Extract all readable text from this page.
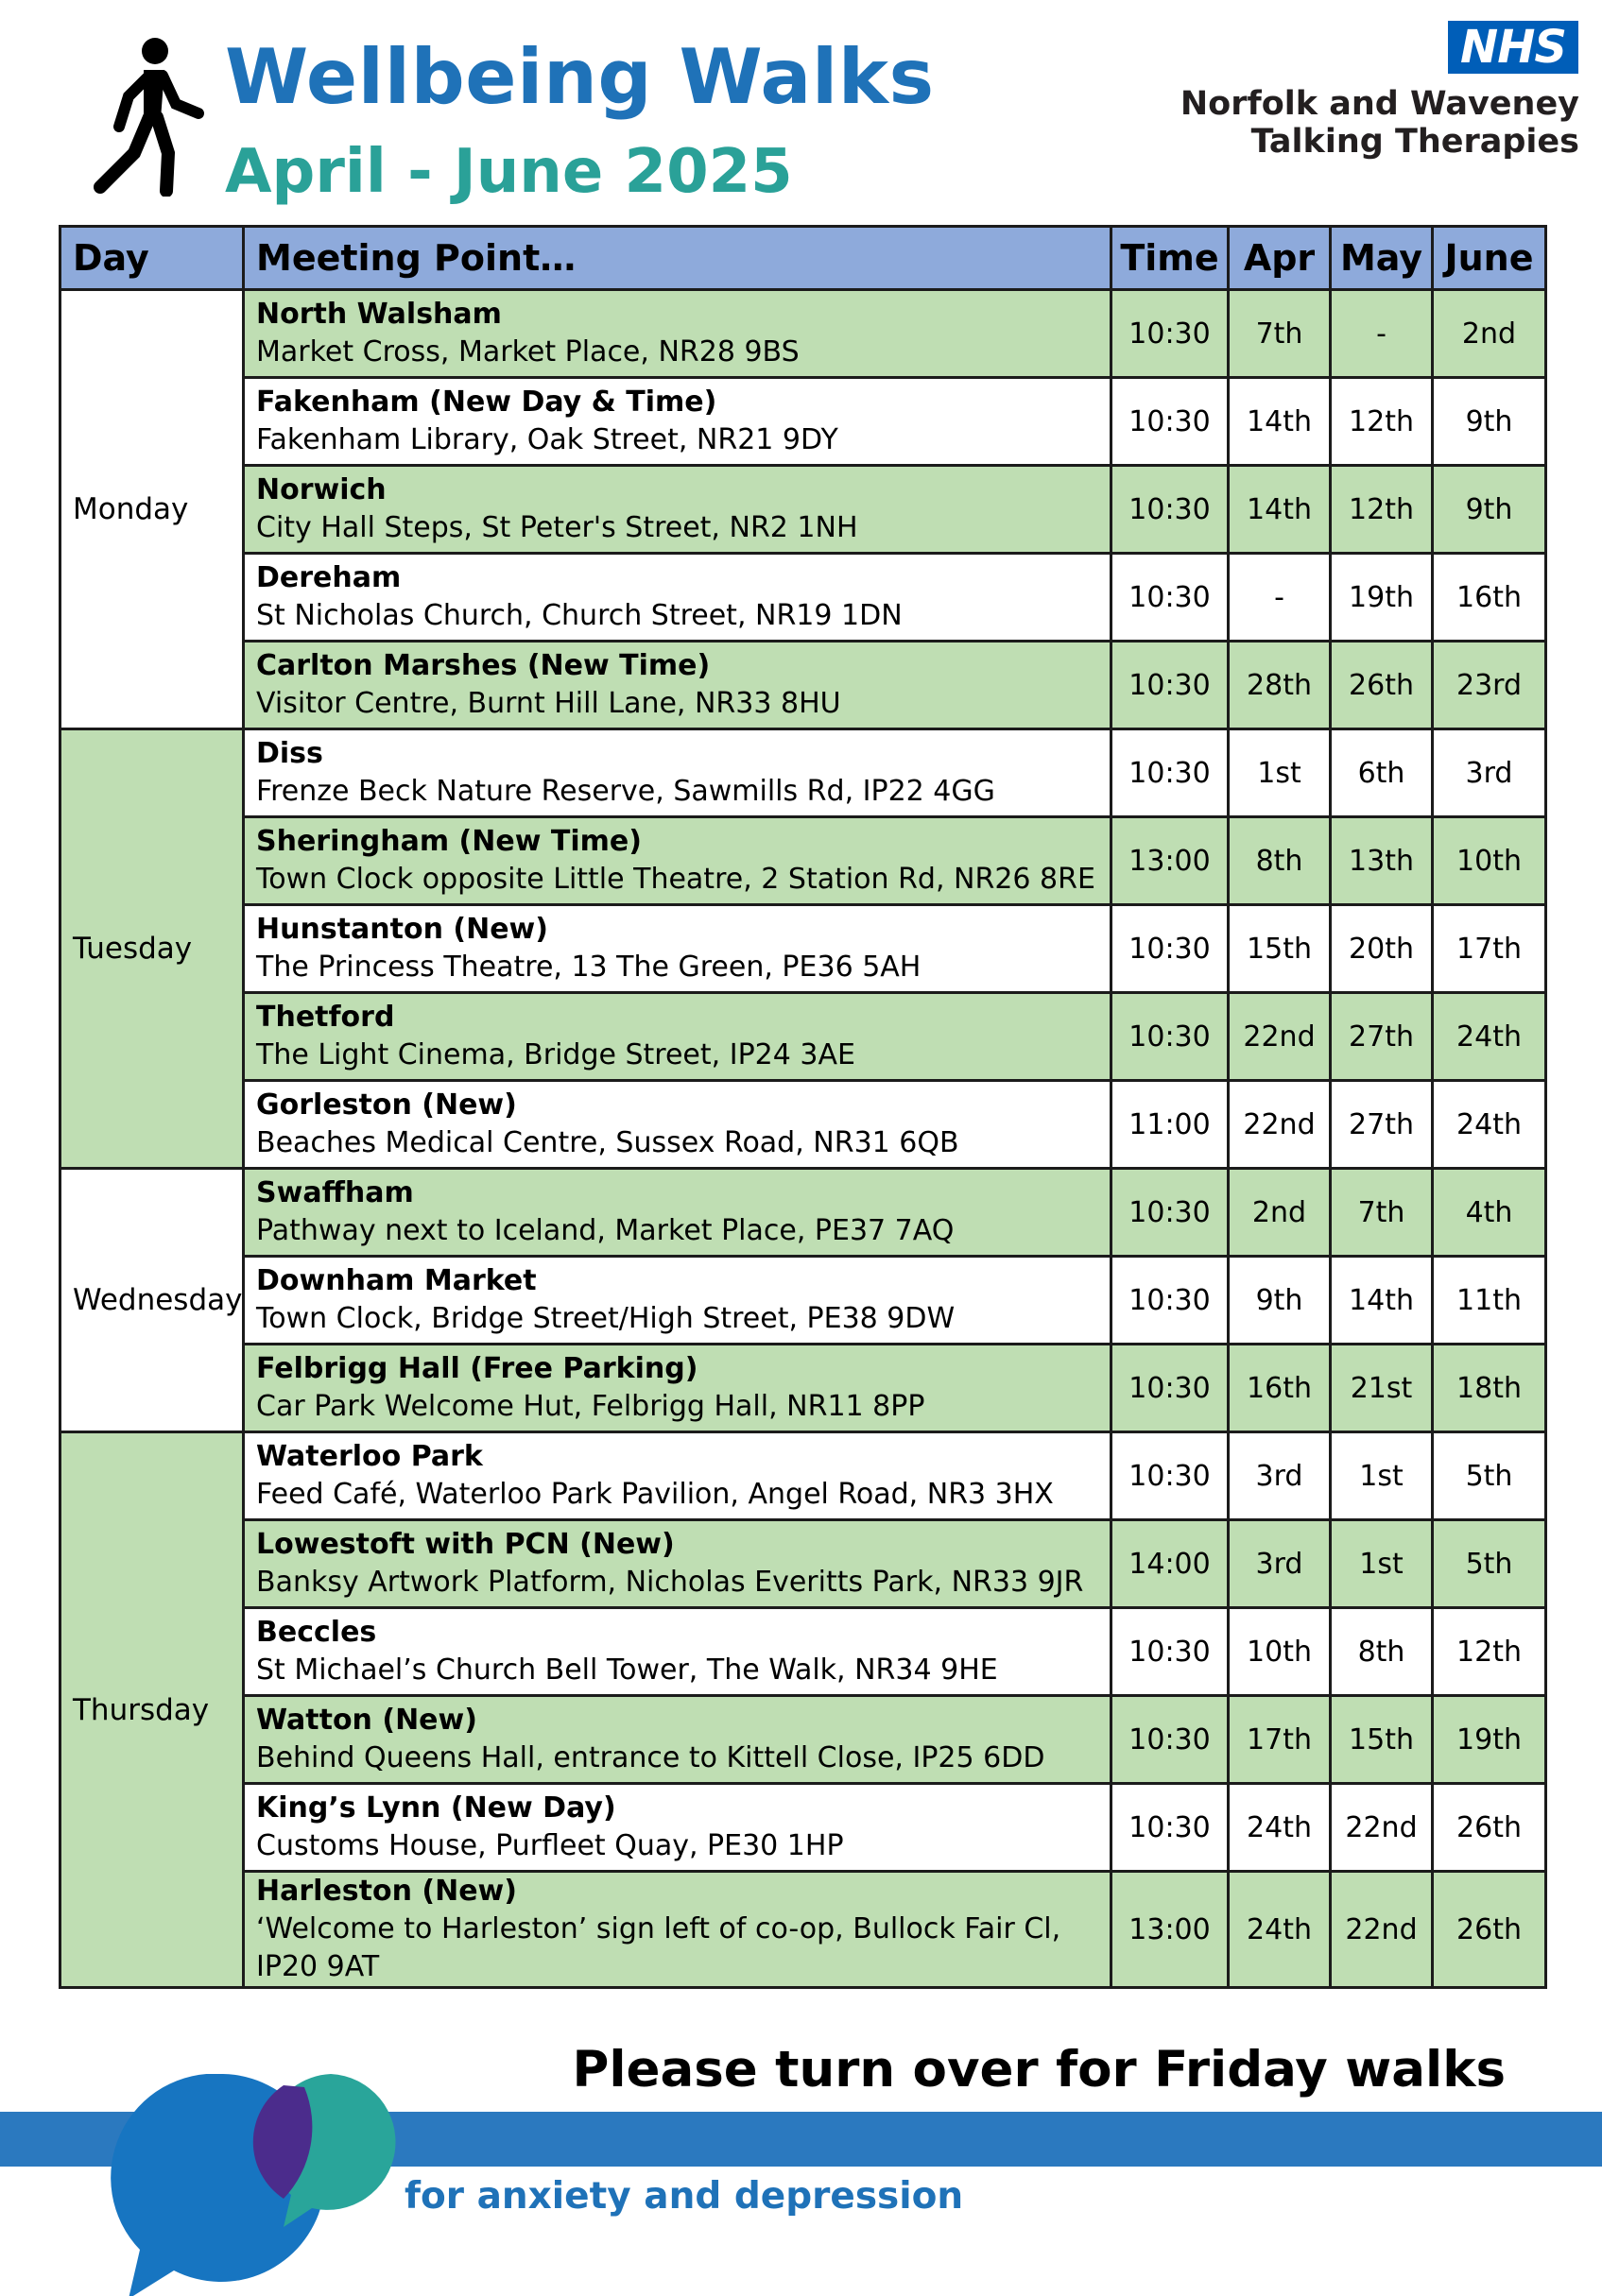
Wellbeing Walks
April - June 2025
NHS
Norfolk and Waveney
Talking Therapies
Day	Meeting Point…	Time	Apr	May	June
Monday	North Walsham
Market Cross, Market Place, NR28 9BS	10:30	7th	-	2nd

	Fakenham (New Day & Time)
Fakenham Library, Oak Street, NR21 9DY	10:30	14th	12th	9th

	Norwich
City Hall Steps, St Peter's Street, NR2 1NH	10:30	14th	12th	9th

	Dereham
St Nicholas Church, Church Street, NR19 1DN	10:30	-	19th	16th

	Carlton Marshes (New Time)
Visitor Centre, Burnt Hill Lane, NR33 8HU	10:30	28th	26th	23rd
Tuesday	Diss
Frenze Beck Nature Reserve, Sawmills Rd, IP22 4GG	10:30	1st	6th	3rd

	Sheringham (New Time)
Town Clock opposite Little Theatre, 2 Station Rd, NR26 8RE	13:00	8th	13th	10th

	Hunstanton (New)
The Princess Theatre, 13 The Green, PE36 5AH	10:30	15th	20th	17th

	Thetford
The Light Cinema, Bridge Street, IP24 3AE	10:30	22nd	27th	24th

	Gorleston (New)
Beaches Medical Centre, Sussex Road, NR31 6QB	11:00	22nd	27th	24th
Wednesday	Swaffham
Pathway next to Iceland, Market Place, PE37 7AQ	10:30	2nd	7th	4th

	Downham Market
Town Clock, Bridge Street/High Street, PE38 9DW	10:30	9th	14th	11th

	Felbrigg Hall (Free Parking)
Car Park Welcome Hut, Felbrigg Hall, NR11 8PP	10:30	16th	21st	18th
Thursday	Waterloo Park
Feed Café, Waterloo Park Pavilion, Angel Road, NR3 3HX	10:30	3rd	1st	5th

	Lowestoft with PCN (New)
Banksy Artwork Platform, Nicholas Everitts Park, NR33 9JR	14:00	3rd	1st	5th

	Beccles
St Michael’s Church Bell Tower, The Walk, NR34 9HE	10:30	10th	8th	12th

	Watton (New)
Behind Queens Hall, entrance to Kittell Close, IP25 6DD	10:30	17th	15th	19th

	King’s Lynn (New Day)
Customs House, Purfleet Quay, PE30 1HP	10:30	24th	22nd	26th

	Harleston (New)
‘Welcome to Harleston’ sign left of co-op, Bullock Fair Cl, IP20 9AT	13:00	24th	22nd	26th
Please turn over for Friday walks
for anxiety and depression
